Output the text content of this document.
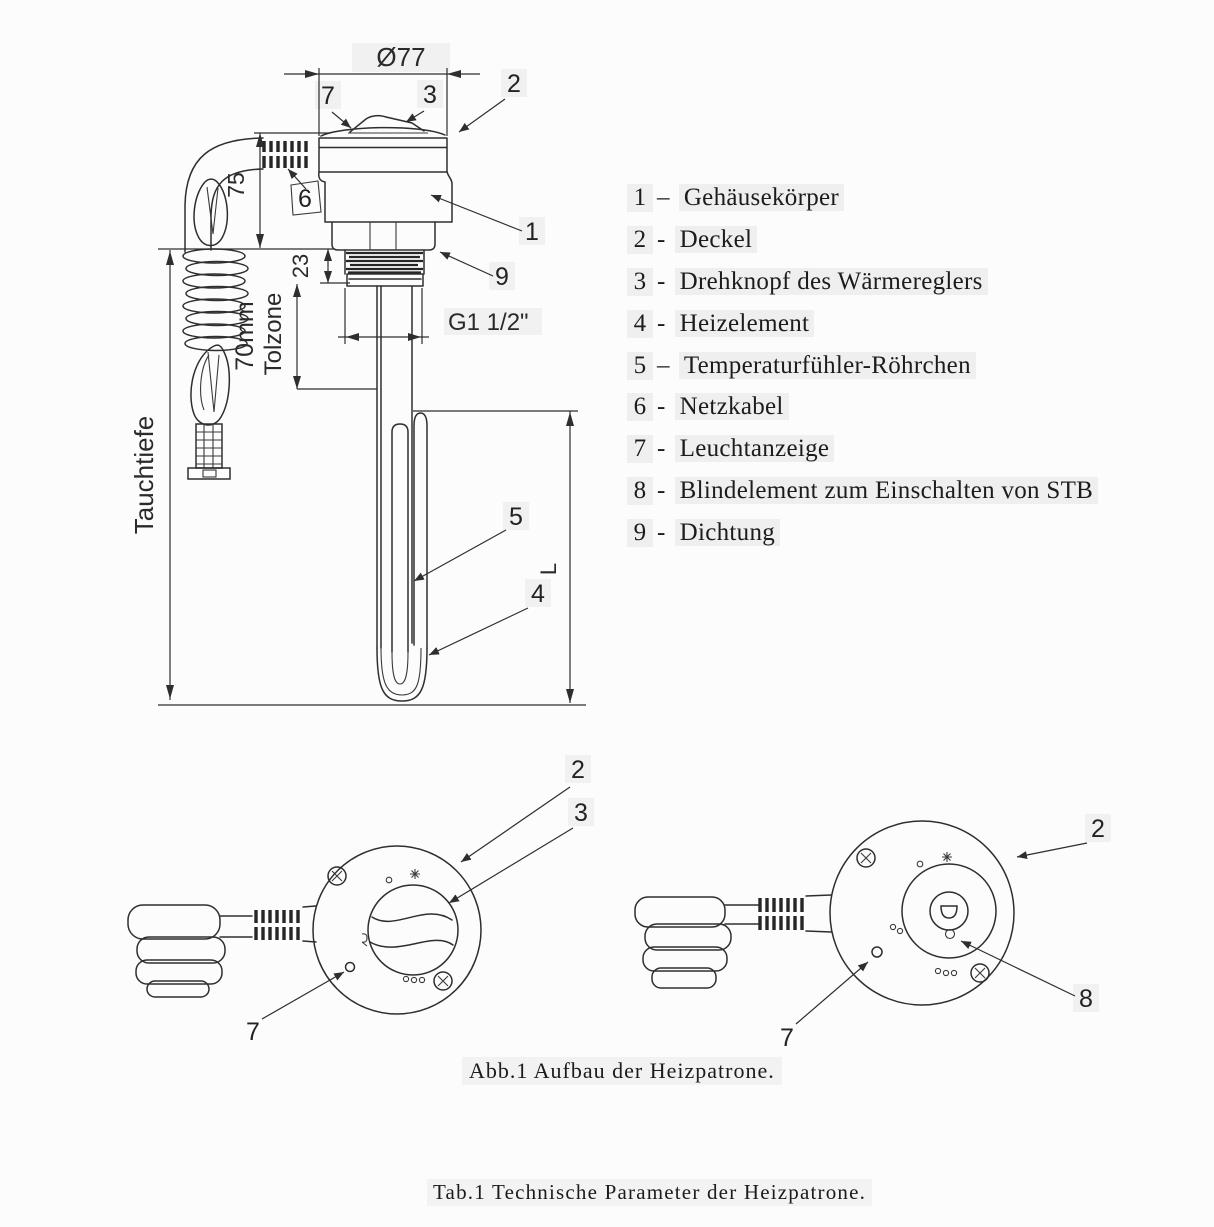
Ø77
75
23
70mm Tolzone
Tauchtiefe
G1 1/2"
L
7	3	2
6
1
9
5
4
2
3
7
2
8
7
1 – Gehäusekörper
2 - Deckel
3 - Drehknopf des Wärmereglers
4 - Heizelement
5 – Temperaturfühler-Röhrchen
6 - Netzkabel
7 - Leuchtanzeige
8 - Blindelement zum Einschalten von STB
9 - Dichtung
Abb.1 Aufbau der Heizpatrone.
Tab.1 Technische Parameter der Heizpatrone.
